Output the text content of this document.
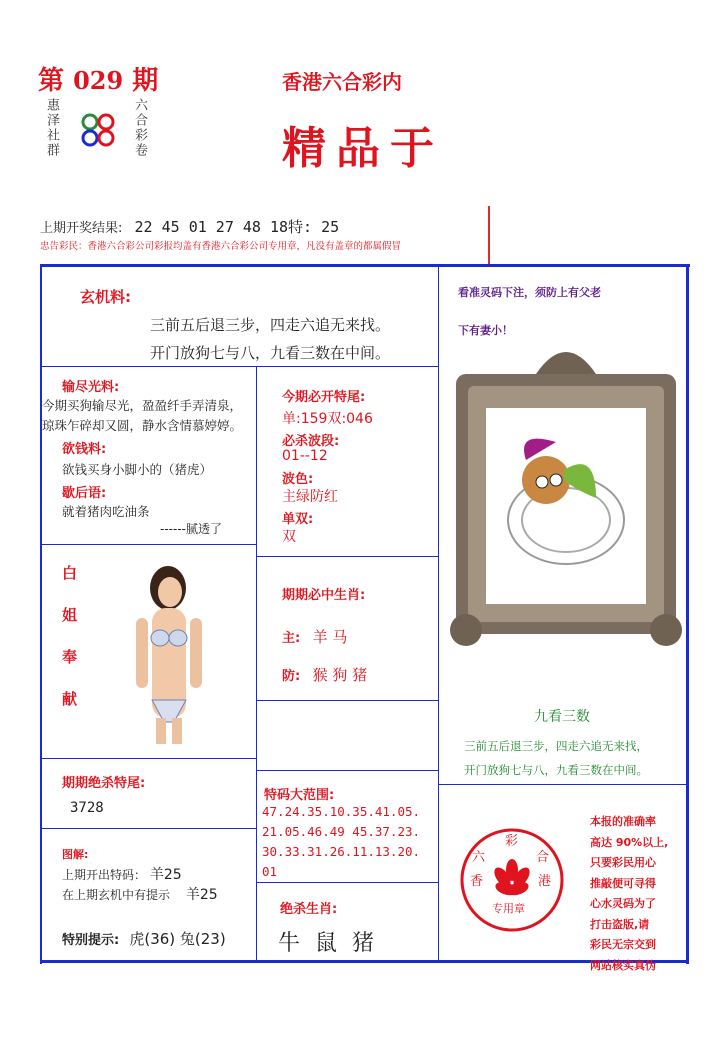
第 029 期
惠泽社群	六合彩卷
香港六合彩内
精品 于
上期开奖结果: 22 45 01 27 48 18特: 25
忠告彩民：香港六合彩公司彩报均盖有香港六合彩公司专用章，凡没有盖章的都属假冒
玄机料:
三前五后退三步，四走六追无来找。
开门放狗七与八，九看三数在中间。
看准灵码下注，须防上有父老
下有妻小！
输尽光料:
今期买狗输尽光，盈盈纤手弄清泉，
琼珠乍碎却又圆，静水含情慕婷婷。
欲钱料:
欲钱买身小脚小的（猪虎）
歇后语:
就着猪肉吃油条
------腻透了
今期必开特尾:
单:159双:046
必杀波段:
01--12
波色:
主绿防红
单双:
双
白
姐
奉
献
期期必中生肖:
主: 羊 马
防: 猴 狗 猪
九看三数
三前五后退三步，四走六追无来找，
开门放狗七与八，九看三数在中间。
期期绝杀特尾:
3728
特码大范围:
47.24.35.10.35.41.05.
21.05.46.49 45.37.23.
30.33.31.26.11.13.20.
01
图解:
上期开出特码： 羊25
在上期玄机中有提示 羊25
特别提示: 虎(36) 兔(23)
绝杀生肖:
牛 鼠 猪
彩
六	合
香	港
专用章
本报的准确率
高达 90%以上,
只要彩民用心
推敲便可寻得
心水灵码为了
打击盗版,请
彩民无宗交到
网站核实真伪
